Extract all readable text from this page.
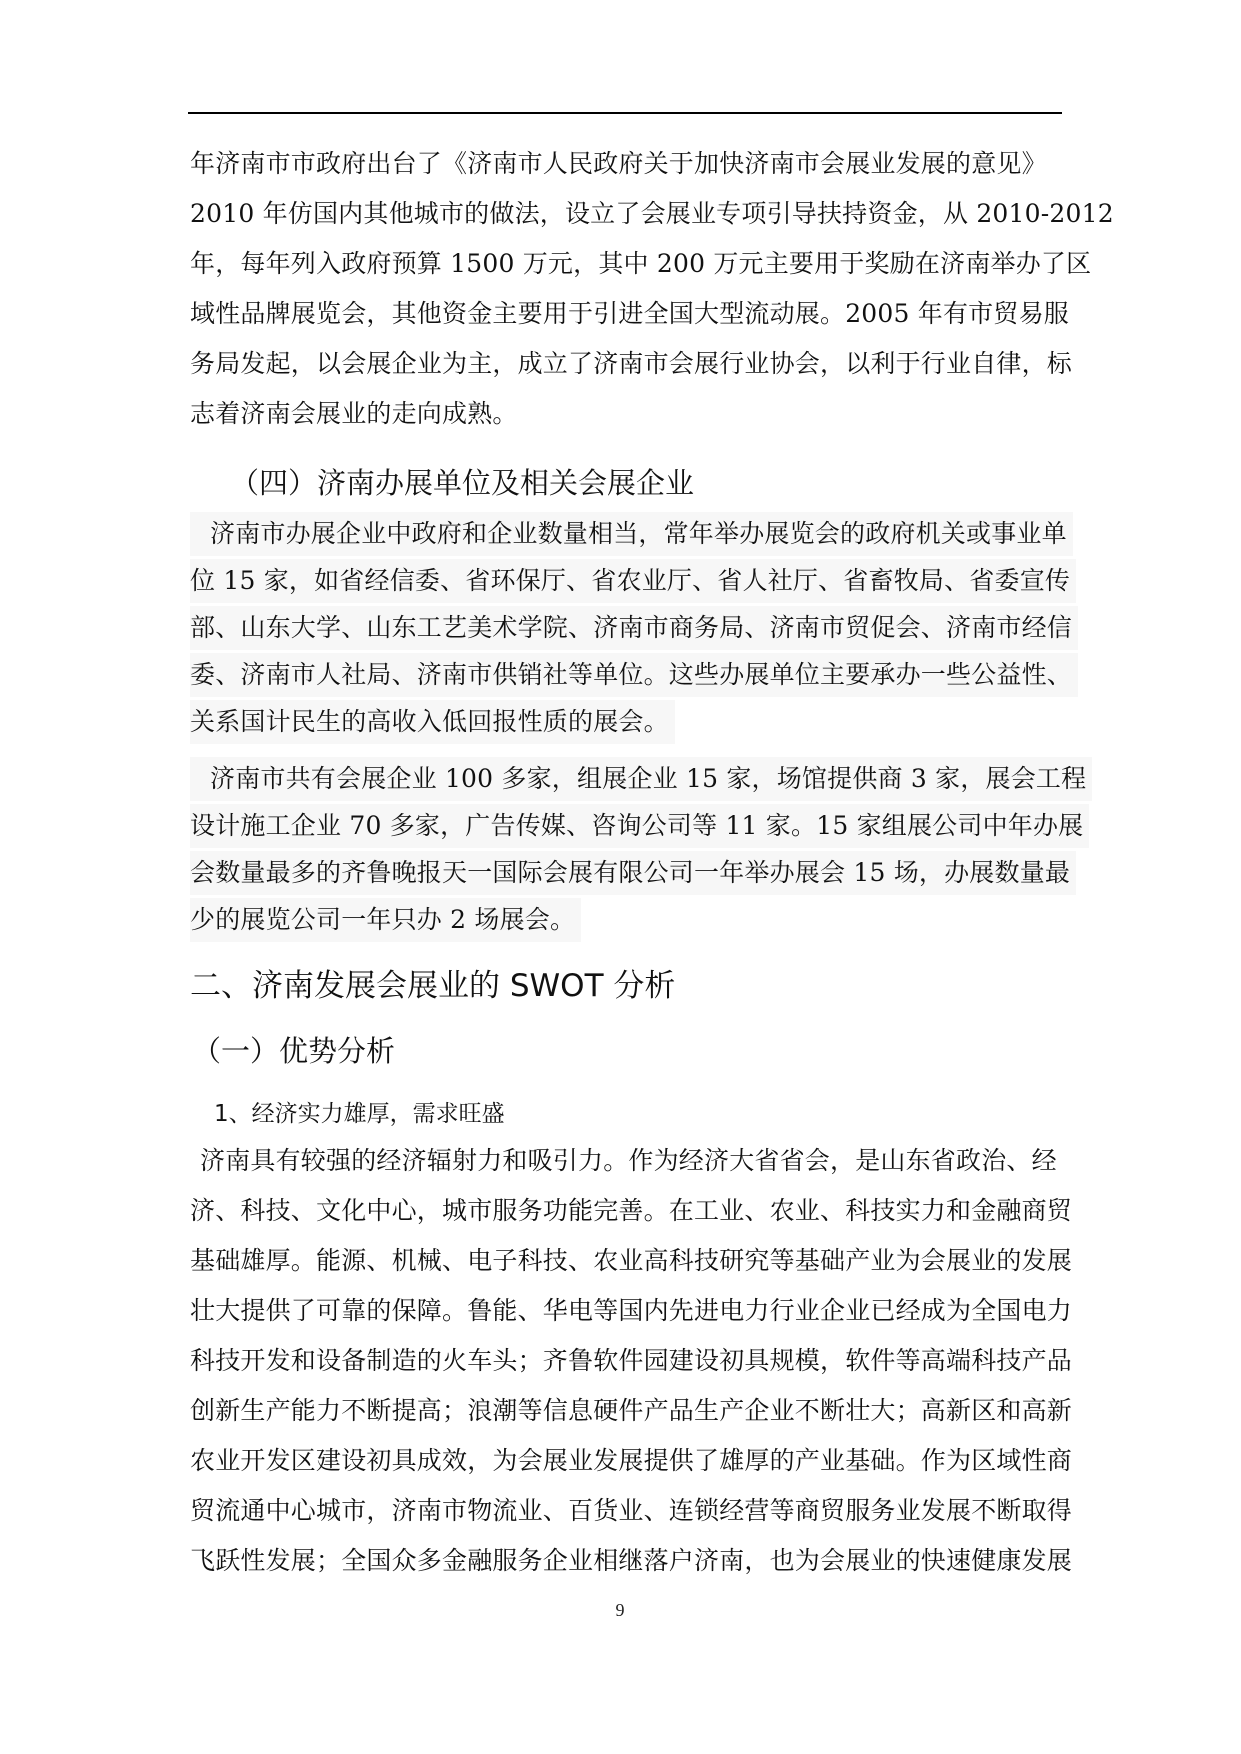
年济南市市政府出台了《济南市人民政府关于加快济南市会展业发展的意见》
2010 年仿国内其他城市的做法，设立了会展业专项引导扶持资金，从 2010-2012
年，每年列入政府预算 1500 万元，其中 200 万元主要用于奖励在济南举办了区
域性品牌展览会，其他资金主要用于引进全国大型流动展。2005 年有市贸易服
务局发起，以会展企业为主，成立了济南市会展行业协会，以利于行业自律，标
志着济南会展业的走向成熟。
（四）济南办展单位及相关会展企业
济南市办展企业中政府和企业数量相当，常年举办展览会的政府机关或事业单
位 15 家，如省经信委、省环保厅、省农业厅、省人社厅、省畜牧局、省委宣传
部、山东大学、山东工艺美术学院、济南市商务局、济南市贸促会、济南市经信
委、济南市人社局、济南市供销社等单位。这些办展单位主要承办一些公益性、
关系国计民生的高收入低回报性质的展会。
济南市共有会展企业 100 多家，组展企业 15 家，场馆提供商 3 家，展会工程
设计施工企业 70 多家，广告传媒、咨询公司等 11 家。15 家组展公司中年办展
会数量最多的齐鲁晚报天一国际会展有限公司一年举办展会 15 场，办展数量最
少的展览公司一年只办 2 场展会。
二、济南发展会展业的 SWOT 分析
（一）优势分析
1、经济实力雄厚，需求旺盛
济南具有较强的经济辐射力和吸引力。作为经济大省省会，是山东省政治、经
济、科技、文化中心，城市服务功能完善。在工业、农业、科技实力和金融商贸
基础雄厚。能源、机械、电子科技、农业高科技研究等基础产业为会展业的发展
壮大提供了可靠的保障。鲁能、华电等国内先进电力行业企业已经成为全国电力
科技开发和设备制造的火车头；齐鲁软件园建设初具规模，软件等高端科技产品
创新生产能力不断提高；浪潮等信息硬件产品生产企业不断壮大；高新区和高新
农业开发区建设初具成效，为会展业发展提供了雄厚的产业基础。作为区域性商
贸流通中心城市，济南市物流业、百货业、连锁经营等商贸服务业发展不断取得
飞跃性发展；全国众多金融服务企业相继落户济南，也为会展业的快速健康发展
9
